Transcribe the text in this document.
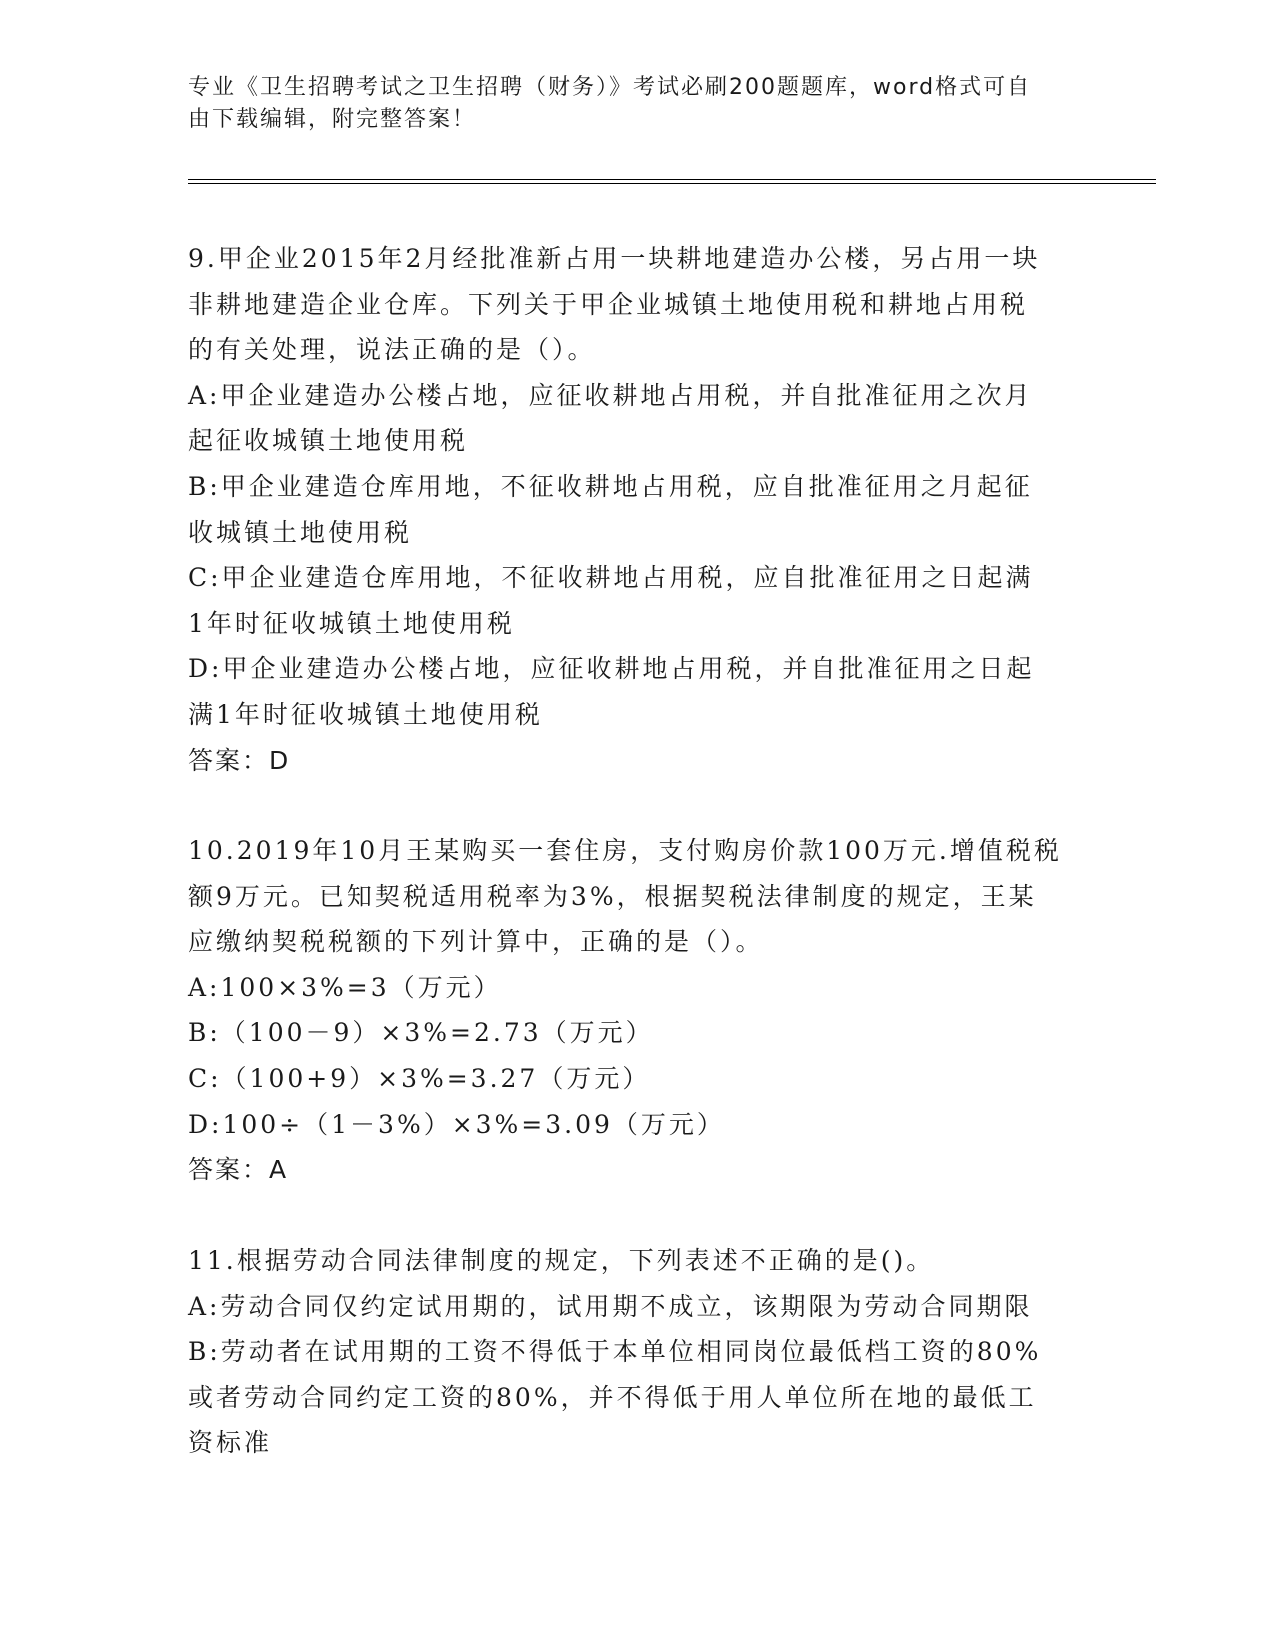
专业《卫生招聘考试之卫生招聘（财务）》考试必刷200题题库，word格式可自
由下载编辑，附完整答案！

9.甲企业2015年2月经批准新占用一块耕地建造办公楼，另占用一块

非耕地建造企业仓库。下列关于甲企业城镇土地使用税和耕地占用税

的有关处理，说法正确的是（）。

A:甲企业建造办公楼占地，应征收耕地占用税，并自批准征用之次月

起征收城镇土地使用税

B:甲企业建造仓库用地，不征收耕地占用税，应自批准征用之月起征

收城镇土地使用税

C:甲企业建造仓库用地，不征收耕地占用税，应自批准征用之日起满

1年时征收城镇土地使用税

D:甲企业建造办公楼占地，应征收耕地占用税，并自批准征用之日起

满1年时征收城镇土地使用税

答案：D

10.2019年10月王某购买一套住房，支付购房价款100万元.增值税税

额9万元。已知契税适用税率为3%，根据契税法律制度的规定，王某

应缴纳契税税额的下列计算中，正确的是（）。

A:100×3%=3（万元）

B:（100－9）×3%=2.73（万元）

C:（100+9）×3%=3.27（万元）

D:100÷（1－3%）×3%=3.09（万元）

答案：A

11.根据劳动合同法律制度的规定，下列表述不正确的是()。

A:劳动合同仅约定试用期的，试用期不成立，该期限为劳动合同期限

B:劳动者在试用期的工资不得低于本单位相同岗位最低档工资的80%

或者劳动合同约定工资的80%，并不得低于用人单位所在地的最低工

资标准
